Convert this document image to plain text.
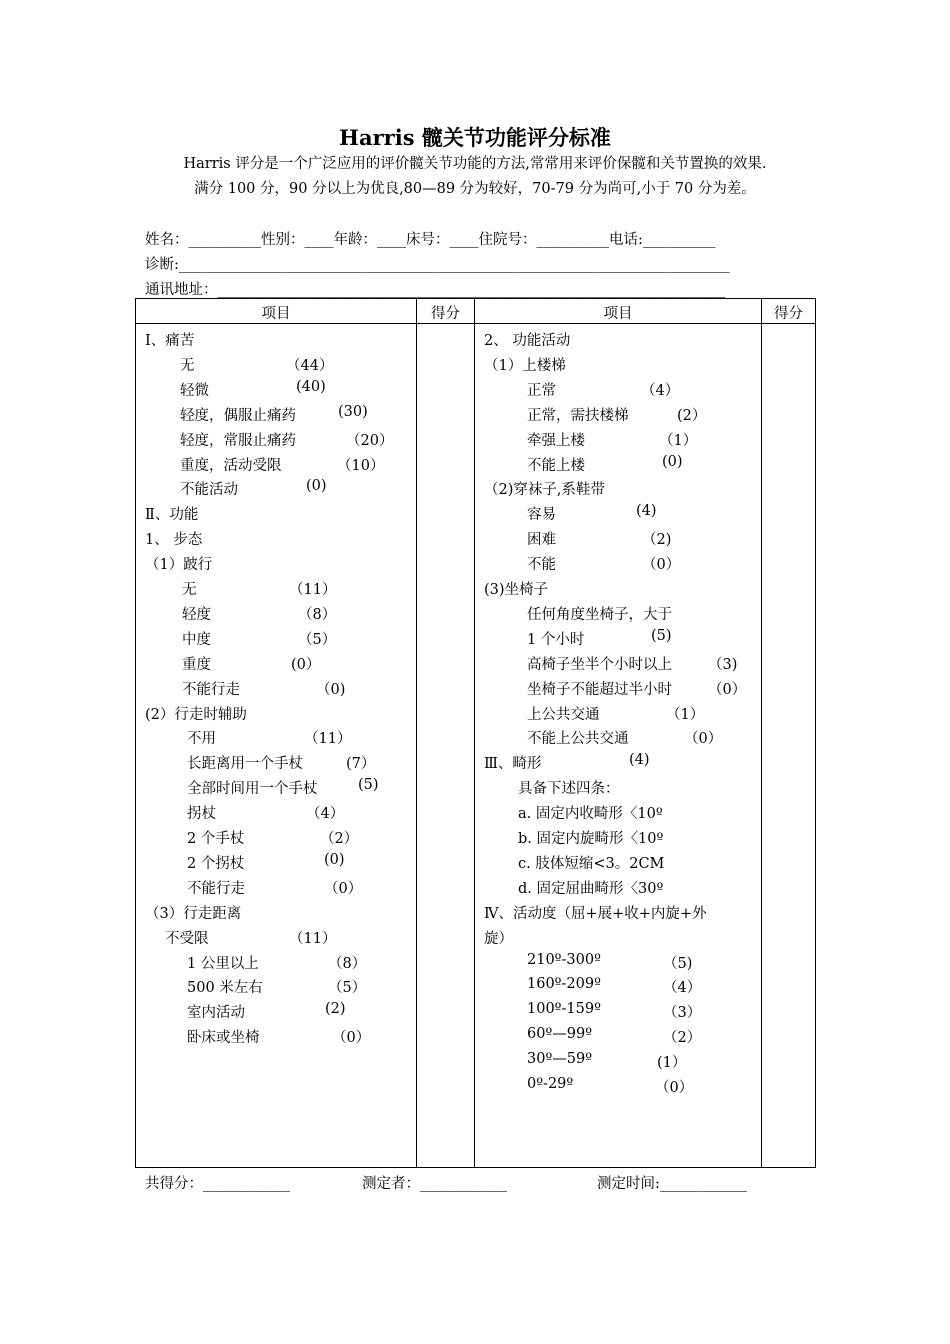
Harris 髋关节功能评分标准
Harris 评分是一个广泛应用的评价髋关节功能的方法,常常用来评价保髋和关节置换的效果.
满分 100 分，90 分以上为优良,80—89 分为较好，70-79 分为尚可,小于 70 分为差。
姓名：__________性别：____年龄：____床号：____住院号：__________电话:__________
诊断:____________________________________________________________________________
通讯地址：______________________________________________________________________
项目	得分	项目	得分
Ⅰ、痛苦
无	（44）
轻微	(40)
轻度，偶服止痛药	(30)
轻度，常服止痛药	（20）
重度，活动受限	（10）
不能活动	(0)
Ⅱ、功能
1、 步态
（1）跛行
无	（11）
轻度	（8）
中度	（5）
重度	(0）
不能行走	（0)
(2）行走时辅助
不用	（11）
长距离用一个手杖	(7）
全部时间用一个手杖	(5)
拐杖	（4）
2 个手杖	（2）
2 个拐杖	(0)
不能行走	（0）
（3）行走距离
不受限	（11）
1 公里以上	（8）
500 米左右	（5）
室内活动	(2)
卧床或坐椅	（0）
2、 功能活动
（1）上楼梯
正常	（4）
正常，需扶楼梯	(2）
牵强上楼	（1）
不能上楼	(0)
（2)穿袜子,系鞋带
容易	(4)
困难	（2)
不能	（0）
(3)坐椅子
任何角度坐椅子，大于
1 个小时	(5)
高椅子坐半个小时以上 （3)
坐椅子不能超过半小时 （0）
上公共交通	（1）
不能上公共交通	（0）
Ⅲ、畸形	(4)
具备下述四条：
a. 固定内收畸形〈10º
b. 固定内旋畸形〈10º
c. 肢体短缩<3。2CM
d. 固定屈曲畸形〈30º
Ⅳ、活动度（屈+展+收+内旋+外
旋）
210º-300º	（5)
160º-209º	（4）
100º-159º	（3）
60º—99º	（2）
30º—59º	(1）
0º-29º	（0）
共得分：____________	测定者：____________	测定时间:____________
